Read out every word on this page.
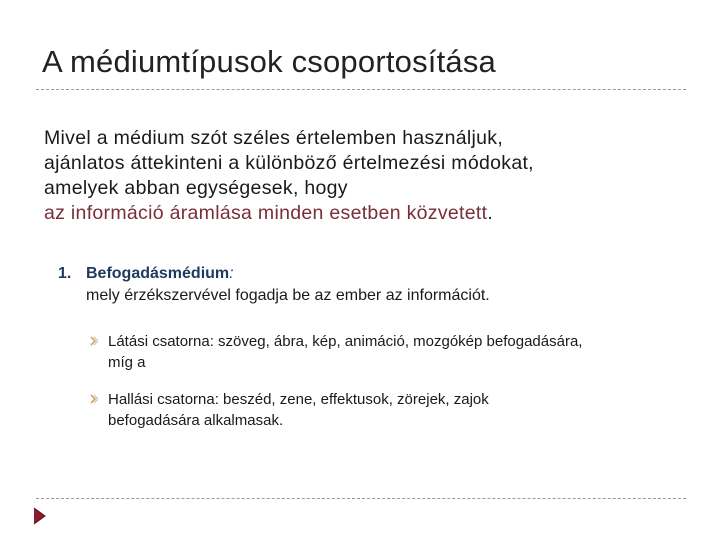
A médiumtípusok csoportosítása
Mivel a médium szót széles értelemben használjuk,
ajánlatos áttekinteni a különböző értelmezési módokat,
amelyek abban egységesek, hogy
az információ áramlása minden esetben közvetett.
1. Befogadásmédium:
mely érzékszervével fogadja be az ember az információt.
Látási csatorna: szöveg, ábra, kép, animáció, mozgókép befogadására,
míg a
Hallási csatorna: beszéd, zene, effektusok, zörejek, zajok
befogadására alkalmasak.
